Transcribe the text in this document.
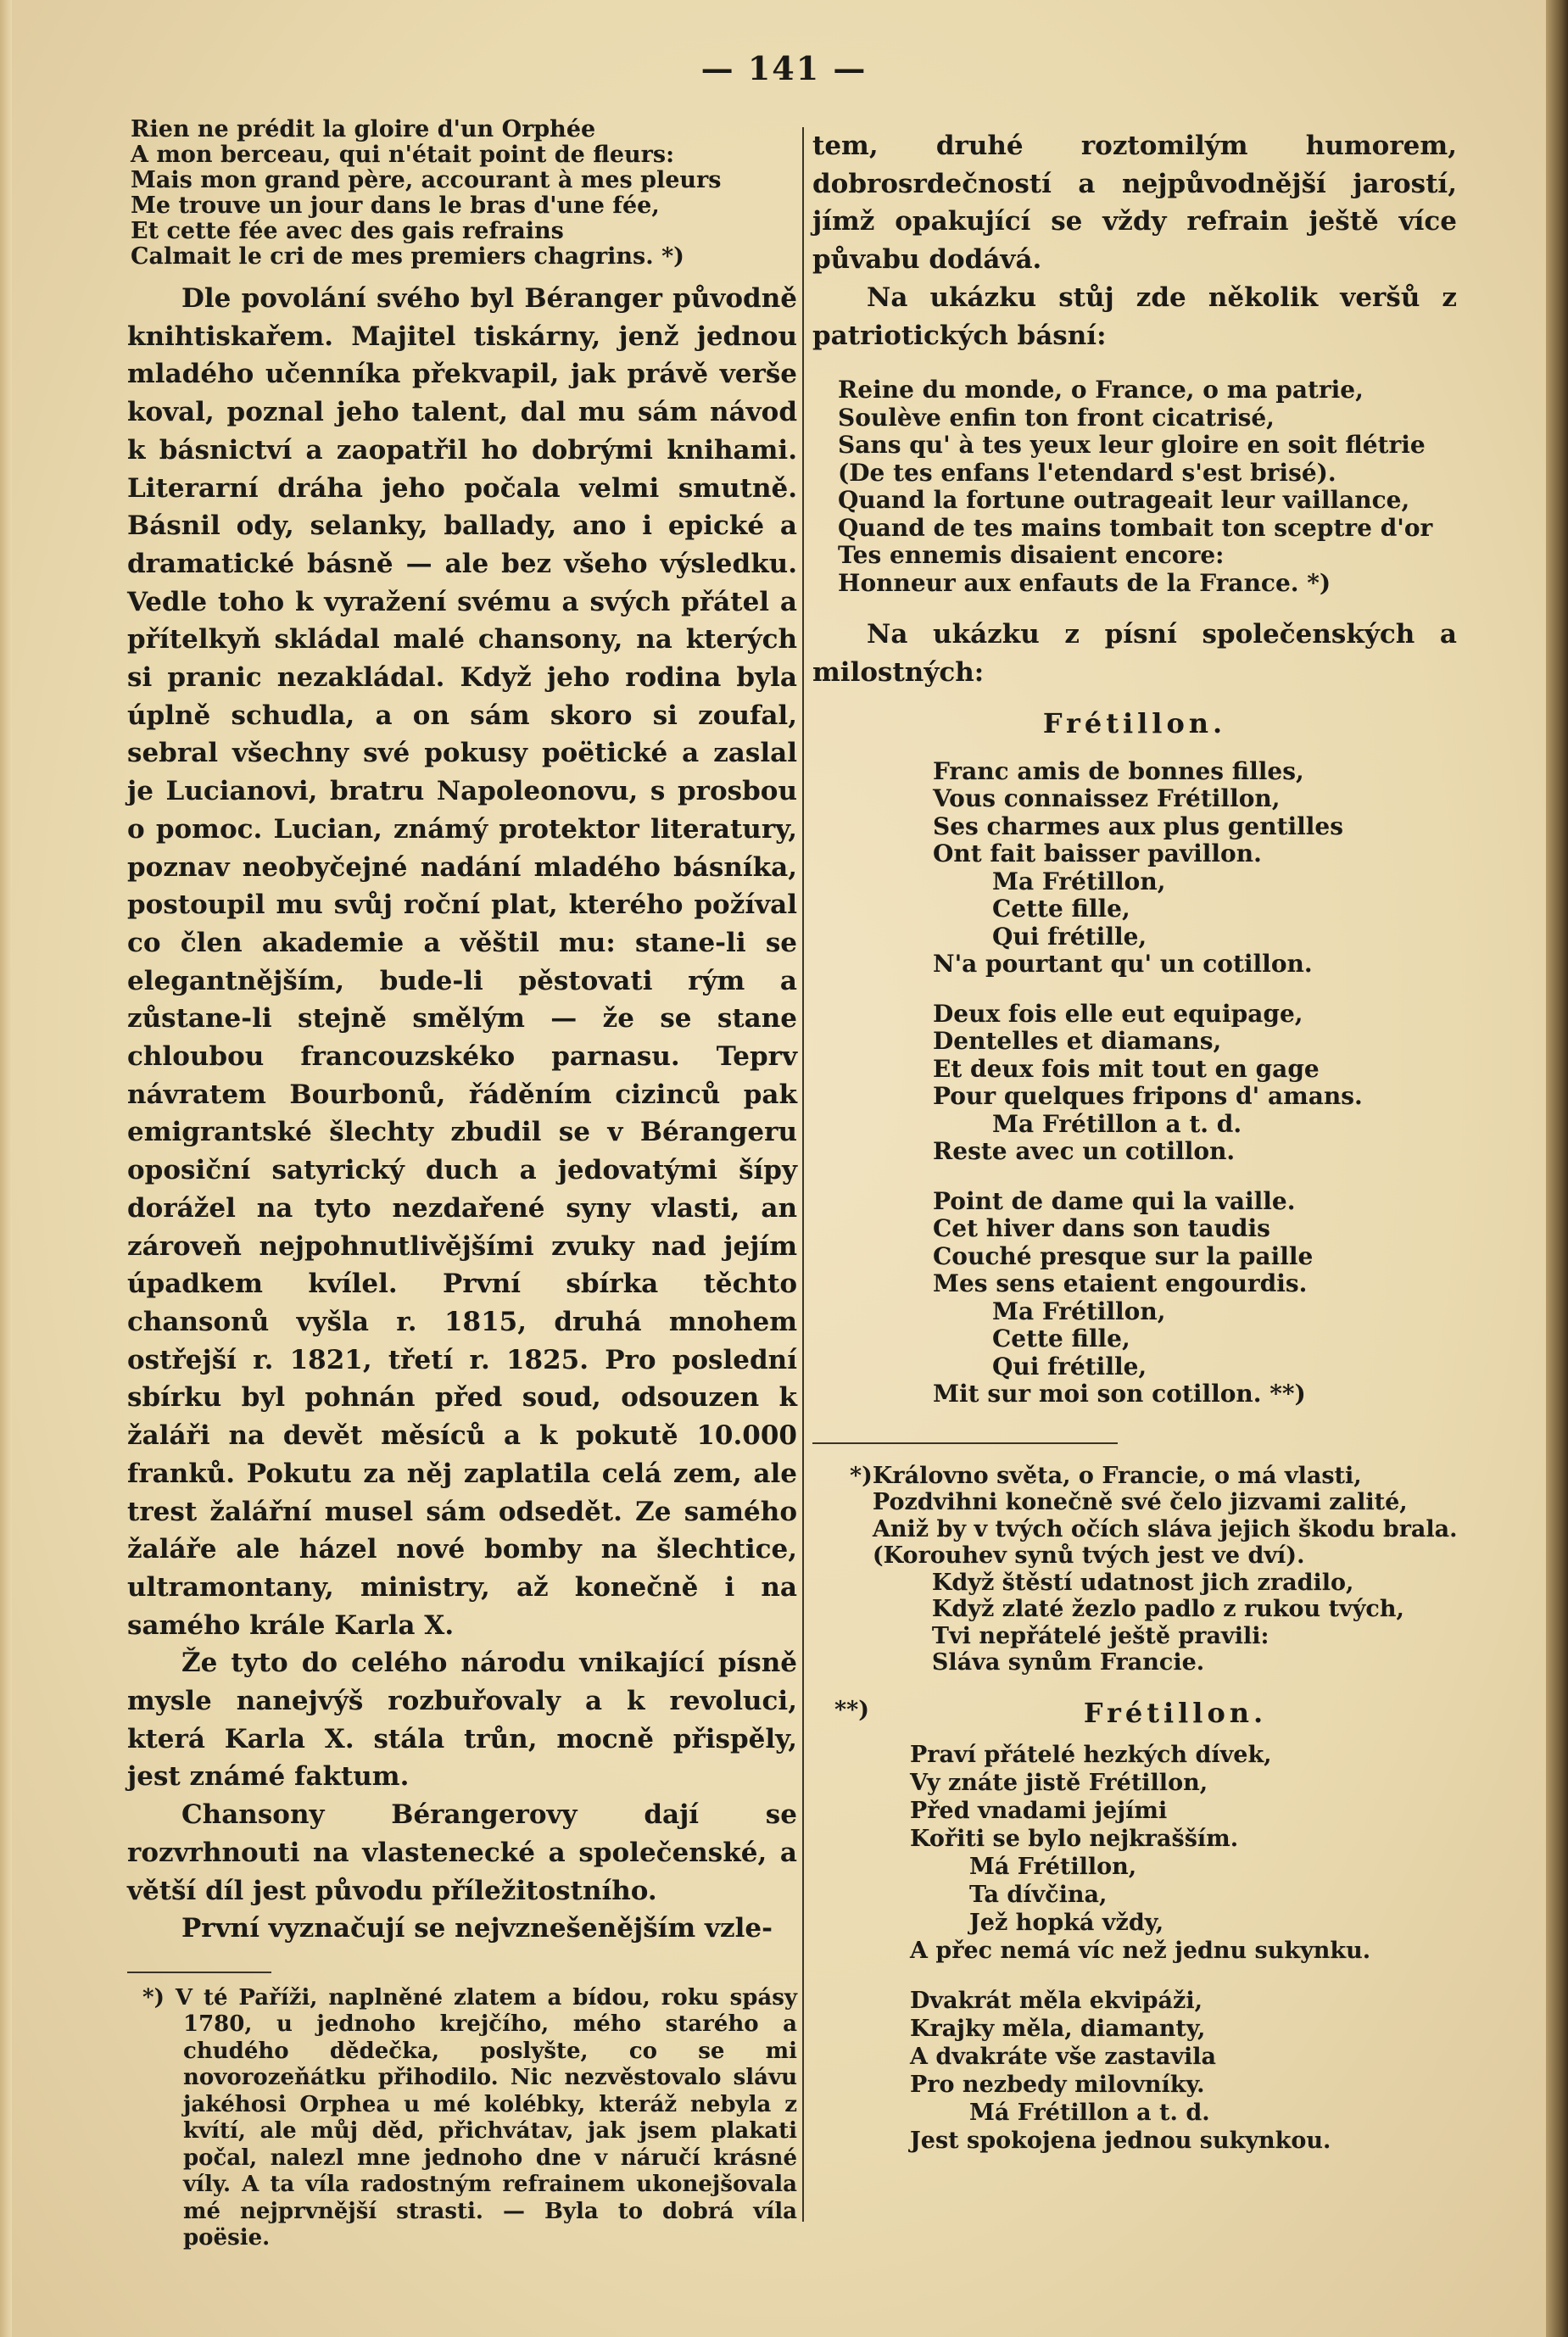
— 141 —
Rien ne prédit la gloire d'un Orphée
A mon berceau, qui n'était point de fleurs:
Mais mon grand père, accourant à mes pleurs
Me trouve un jour dans le bras d'une fée,
Et cette fée avec des gais refrains
Calmait le cri de mes premiers chagrins. *)

Dle povolání svého byl Béranger původně knihtiskařem. Majitel tiskárny, jenž jednou mladého učenníka překvapil, jak právě verše koval, poznal jeho talent, dal mu sám návod k básnictví a zaopatřil ho dobrými knihami. Literarní dráha jeho počala velmi smutně. Básnil ody, selanky, ballady, ano i epické a dramatické básně — ale bez všeho výsledku. Vedle toho k vyražení svému a svých přátel a přítelkyň skládal malé chansony, na kterých si pranic nezakládal. Když jeho rodina byla úplně schudla, a on sám skoro si zoufal, sebral všechny své pokusy poëtické a zaslal je Lucianovi, bratru Napoleonovu, s prosbou o pomoc. Lucian, známý protektor literatury, poznav neobyčejné nadání mladého básníka, postoupil mu svůj roční plat, kterého požíval co člen akademie a věštil mu: stane-li se elegantnějším, bude-li pěstovati rým a zůstane-li stejně smělým — že se stane chloubou francouzskéko parnasu. Teprv návratem Bourbonů, řáděním cizinců pak emigrantské šlechty zbudil se v Bérangeru oposiční satyrický duch a jedovatými šípy dorážel na tyto nezdařené syny vlasti, an zároveň nejpohnutlivějšími zvuky nad jejím úpadkem kvílel. První sbírka těchto chansonů vyšla r. 1815, druhá mnohem ostřejší r. 1821, třetí r. 1825. Pro poslední sbírku byl pohnán před soud, odsouzen k žaláři na devět měsíců a k pokutě 10.000 franků. Pokutu za něj zaplatila celá zem, ale trest žalářní musel sám odsedět. Ze samého žaláře ale házel nové bomby na šlechtice, ultramontany, ministry, až konečně i na samého krále Karla X.

Že tyto do celého národu vnikající písně mysle nanejvýš rozbuřovaly a k revoluci, která Karla X. stála trůn, mocně přispěly, jest známé faktum.

Chansony Bérangerovy dají se rozvrhnouti na vlastenecké a společenské, a větší díl jest původu příležitostního.

První vyznačují se nejvznešenějším vzle-

*) V té Paříži, naplněné zlatem a bídou, roku spásy 1780, u jednoho krejčího, mého starého a chudého dědečka, poslyšte, co se mi novorozeňátku přihodilo. Nic nezvěstovalo slávu jakéhosi Orphea u mé kolébky, kteráž nebyla z kvítí, ale můj děd, přichvátav, jak jsem plakati počal, nalezl mne jednoho dne v náručí krásné víly. A ta víla radostným refrainem ukonejšovala mé nejprvnější strasti. — Byla to dobrá víla poësie.

tem, druhé roztomilým humorem, dobrosrdečností a nejpůvodnější jarostí, jímž opakující se vždy refrain ještě více půvabu dodává.

Na ukázku stůj zde několik veršů z patriotických básní:

Reine du monde, o France, o ma patrie,
Soulève enfin ton front cicatrisé,
Sans qu' à tes yeux leur gloire en soit flétrie
(De tes enfans l'etendard s'est brisé).
Quand la fortune outrageait leur vaillance,
Quand de tes mains tombait ton sceptre d'or
Tes ennemis disaient encore:
Honneur aux enfauts de la France. *)

Na ukázku z písní společenských a milostných:

Frétillon.
Franc amis de bonnes filles,
Vous connaissez Frétillon,
Ses charmes aux plus gentilles
Ont fait baisser pavillon.
Ma Frétillon,
Cette fille,
Qui frétille,
N'a pourtant qu' un cotillon.
Deux fois elle eut equipage,
Dentelles et diamans,
Et deux fois mit tout en gage
Pour quelques fripons d' amans.
Ma Frétillon a t. d.
Reste avec un cotillon.
Point de dame qui la vaille.
Cet hiver dans son taudis
Couché presque sur la paille
Mes sens etaient engourdis.
Ma Frétillon,
Cette fille,
Qui frétille,
Mit sur moi son cotillon. **)
*) Královno světa, o Francie, o má vlasti,
Pozdvihni konečně své čelo jizvami zalité,
Aniž by v tvých očích sláva jejich škodu brala.
(Korouhev synů tvých jest ve dví).
Když štěstí udatnost jich zradilo,
Když zlaté žezlo padlo z rukou tvých,
Tvi nepřátelé ještě pravili:
Sláva synům Francie.
**)	Frétillon.
Praví přátelé hezkých dívek,
Vy znáte jistě Frétillon,
Před vnadami jejími
Kořiti se bylo nejkrašším.
Má Frétillon,
Ta dívčina,
Jež hopká vždy,
A přec nemá víc než jednu sukynku.
Dvakrát měla ekvipáži,
Krajky měla, diamanty,
A dvakráte vše zastavila
Pro nezbedy milovníky.
Má Frétillon a t. d.
Jest spokojena jednou sukynkou.
